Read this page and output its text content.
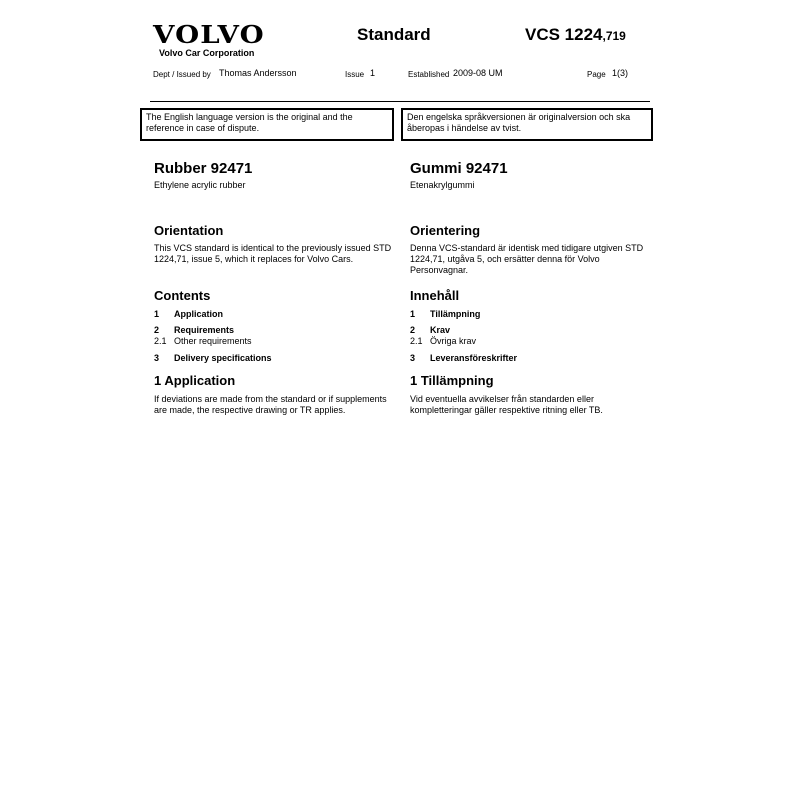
VOLVO
Volvo Car Corporation
Standard	VCS 1224,719
Dept / Issued by Thomas Andersson	Issue 1	Established 2009-08 UM	Page 1(3)
The English language version is the original and the reference in case of dispute.
Den engelska språkversionen är originalversion och ska åberopas i händelse av tvist.
Rubber 92471
Ethylene acrylic rubber
Orientation
This VCS standard is identical to the previously issued STD 1224,71, issue 5, which it replaces for Volvo Cars.
Contents
1 Application
2 Requirements
2.1 Other requirements
3 Delivery specifications
1 Application
If deviations are made from the standard or if supplements are made, the respective drawing or TR applies.
Gummi 92471
Etenakrylgummi
Orientering
Denna VCS-standard är identisk med tidigare utgiven STD 1224,71, utgåva 5, och ersätter denna för Volvo Personvagnar.
Innehåll
1 Tillämpning
2 Krav
2.1 Övriga krav
3 Leveransföreskrifter
1 Tillämpning
Vid eventuella avvikelser från standarden eller kompletteringar gäller respektive ritning eller TB.
